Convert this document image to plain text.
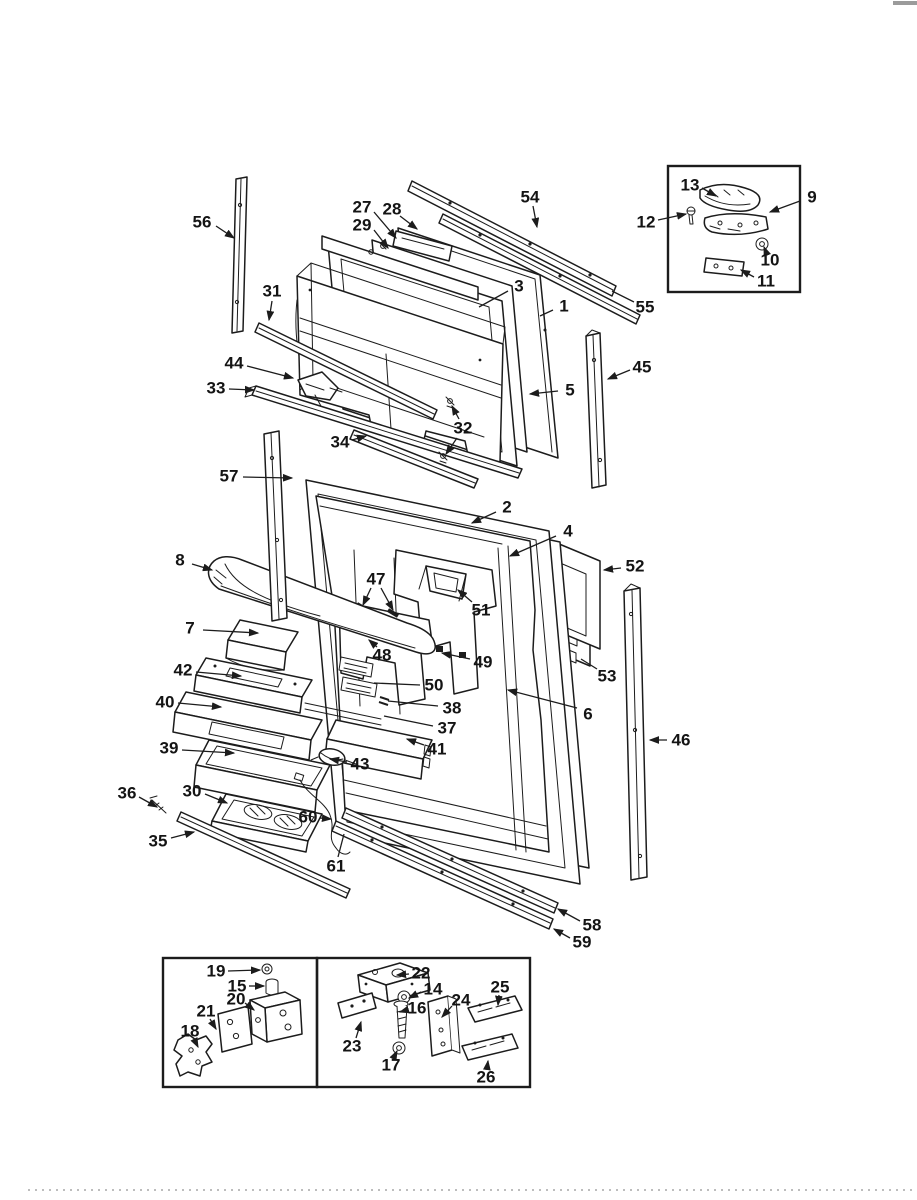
56
27 28
29
54
13
12
9
10
11
55
31	3
1
44
33	5
45
34
32
57
2
4
8	52
47
51
7
48	49
42
50
40	38	6
37
41
39
43
46
36	30
60
35
61
58
59
53
19
15
20
21
18
22
14
16 24
25
23
17
26
